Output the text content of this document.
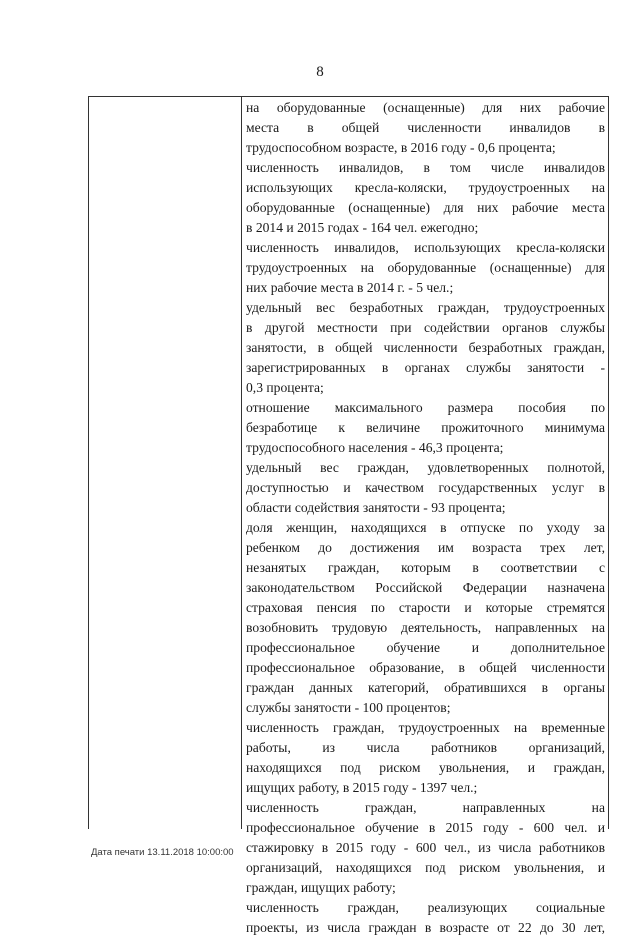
8
на оборудованные (оснащенные) для них рабочие
места в общей численности инвалидов в
трудоспособном возрасте, в 2016 году - 0,6 процента;
численность инвалидов, в том числе инвалидов
использующих кресла-коляски, трудоустроенных на
оборудованные (оснащенные) для них рабочие места
в 2014 и 2015 годах - 164 чел. ежегодно;
численность инвалидов, использующих кресла-коляски
трудоустроенных на оборудованные (оснащенные) для
них рабочие места в 2014 г. - 5 чел.;
удельный вес безработных граждан, трудоустроенных
в другой местности при содействии органов службы
занятости, в общей численности безработных граждан,
зарегистрированных в органах службы занятости -
0,3 процента;
отношение максимального размера пособия по
безработице к величине прожиточного минимума
трудоспособного населения - 46,3 процента;
удельный вес граждан, удовлетворенных полнотой,
доступностью и качеством государственных услуг в
области содействия занятости - 93 процента;
доля женщин, находящихся в отпуске по уходу за
ребенком до достижения им возраста трех лет,
незанятых граждан, которым в соответствии с
законодательством Российской Федерации назначена
страховая пенсия по старости и которые стремятся
возобновить трудовую деятельность, направленных на
профессиональное обучение и дополнительное
профессиональное образование, в общей численности
граждан данных категорий, обратившихся в органы
службы занятости - 100 процентов;
численность граждан, трудоустроенных на временные
работы, из числа работников организаций,
находящихся под риском увольнения, и граждан,
ищущих работу, в 2015 году - 1397 чел.;
численность граждан, направленных на
профессиональное обучение в 2015 году - 600 чел. и
стажировку в 2015 году - 600 чел., из числа работников
организаций, находящихся под риском увольнения, и
граждан, ищущих работу;
численность граждан, реализующих социальные
проекты, из числа граждан в возрасте от 22 до 30 лет,
Дата печати 13.11.2018 10:00:00
